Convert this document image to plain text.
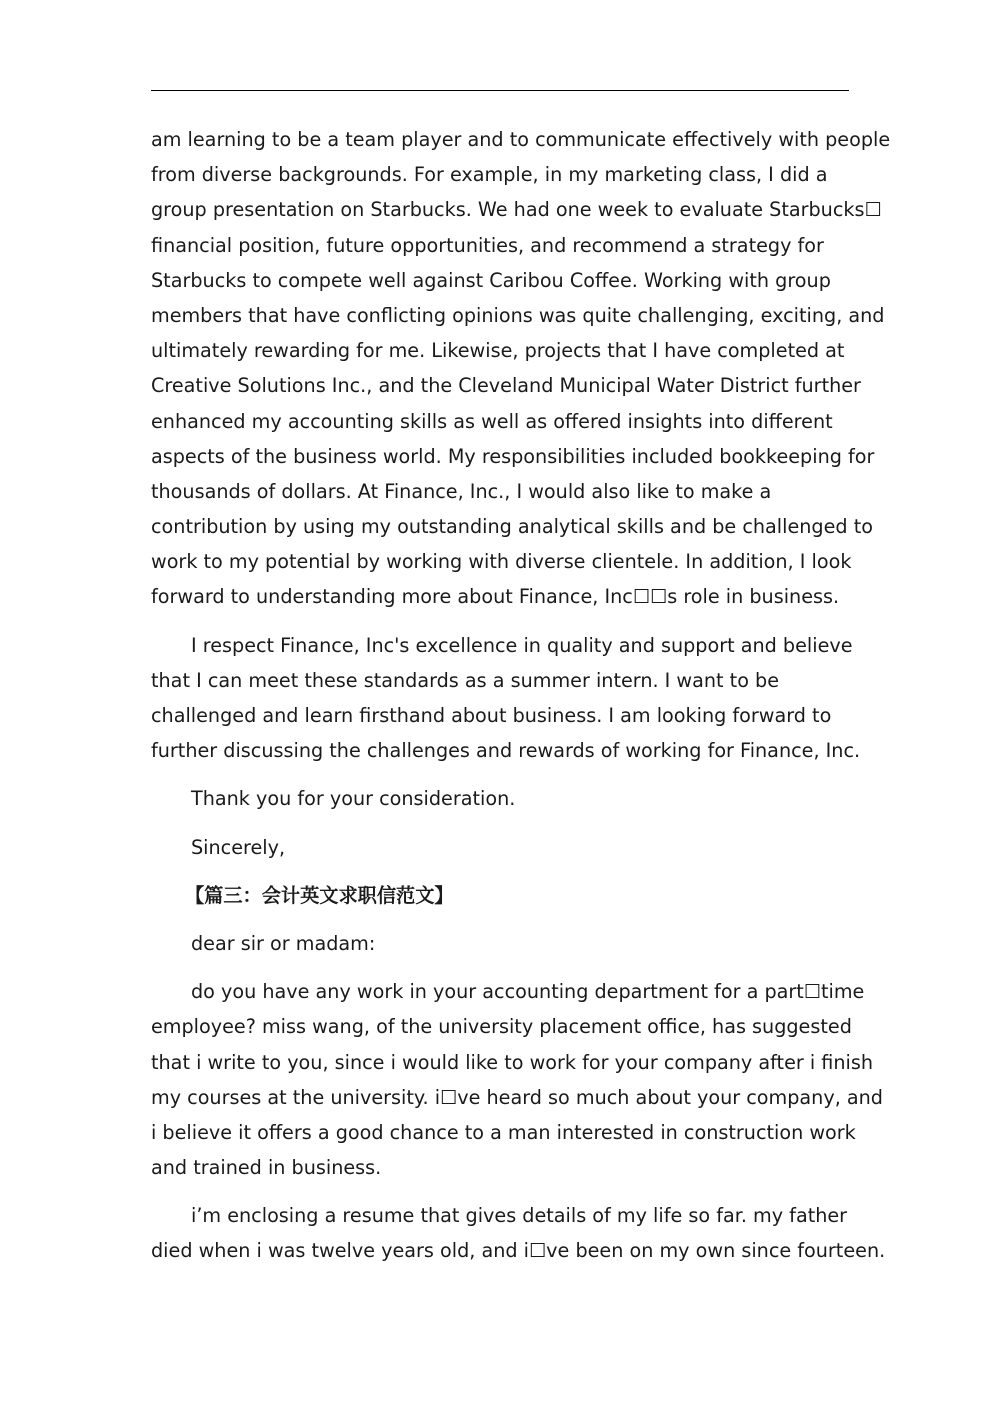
am learning to be a team player and to communicate effectively with people
from diverse backgrounds. For example, in my marketing class, I did a
group presentation on Starbucks. We had one week to evaluate Starbucks☐
financial position, future opportunities, and recommend a strategy for
Starbucks to compete well against Caribou Coffee. Working with group
members that have conflicting opinions was quite challenging, exciting, and
ultimately rewarding for me. Likewise, projects that I have completed at
Creative Solutions Inc., and the Cleveland Municipal Water District further
enhanced my accounting skills as well as offered insights into different
aspects of the business world. My responsibilities included bookkeeping for
thousands of dollars. At Finance, Inc., I would also like to make a
contribution by using my outstanding analytical skills and be challenged to
work to my potential by working with diverse clientele. In addition, I look
forward to understanding more about Finance, Inc☐☐s role in business.
I respect Finance, Inc's excellence in quality and support and believe
that I can meet these standards as a summer intern. I want to be
challenged and learn firsthand about business. I am looking forward to
further discussing the challenges and rewards of working for Finance, Inc.
Thank you for your consideration.
Sincerely,
【篇三：会计英文求职信范文】
dear sir or madam:
do you have any work in your accounting department for a part☐time
employee? miss wang, of the university placement office, has suggested
that i write to you, since i would like to work for your company after i finish
my courses at the university. i☐ve heard so much about your company, and
i believe it offers a good chance to a man interested in construction work
and trained in business.
i’m enclosing a resume that gives details of my life so far. my father
died when i was twelve years old, and i☐ve been on my own since fourteen.
